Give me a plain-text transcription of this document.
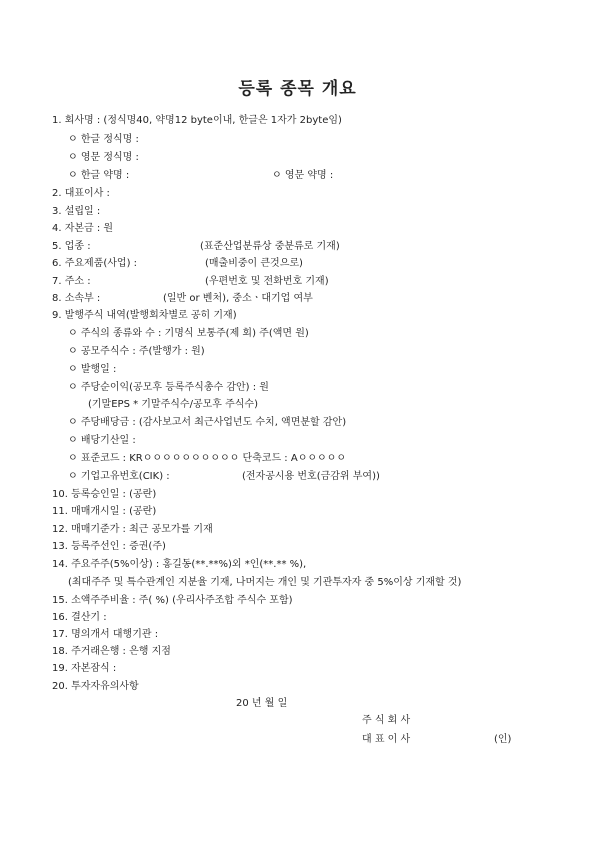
등록 종목 개요
1. 회사명 : (정식명40, 약명12 byte이내, 한글은 1자가 2byte임)
ㅇ 한글 정식명 :
ㅇ 영문 정식명 :
ㅇ 한글 약명 :	ㅇ 영문 약명 :
2. 대표이사 :
3. 설립일 :
4. 자본금 : 원
5. 업종 :	(표준산업분류상 중분류로 기재)
6. 주요제품(사업) :	(매출비중이 큰것으로)
7. 주소 :	(우편번호 및 전화번호 기재)
8. 소속부 :	(일반 or 벤처), 중소ㆍ대기업 여부
9. 발행주식 내역(발행회차별로 공히 기재)
ㅇ 주식의 종류와 수 : 기명식 보통주(제 회) 주(액면 원)
ㅇ 공모주식수 : 주(발행가 : 원)
ㅇ 발행일 :
ㅇ 주당순이익(공모후 등록주식총수 감안) : 원
(기말EPS * 기말주식수/공모후 주식수)
ㅇ 주당배당금 : (감사보고서 최근사업년도 수치, 액면분할 감안)
ㅇ 배당기산일 :
ㅇ 표준코드 : KRㅇㅇㅇㅇㅇㅇㅇㅇㅇㅇ 단축코드 : Aㅇㅇㅇㅇㅇ
ㅇ 기업고유번호(CIK) :	(전자공시용 번호(금감위 부여))
10. 등록승인일 : (공란)
11. 매매개시일 : (공란)
12. 매매기준가 : 최근 공모가를 기재
13. 등록주선인 : 증권(주)
14. 주요주주(5%이상) : 홍길동(**.**%)외 *인(**.** %),
(최대주주 및 특수관계인 지분율 기재, 나머지는 개인 및 기관투자자 중 5%이상 기재할 것)
15. 소액주주비율 : 주( %) (우리사주조합 주식수 포함)
16. 결산기 :
17. 명의개서 대행기관 :
18. 주거래은행 : 은행 지점
19. 자본잠식 :
20. 투자자유의사항
20 년 월 일
주 식 회 사
대 표 이 사	(인)
